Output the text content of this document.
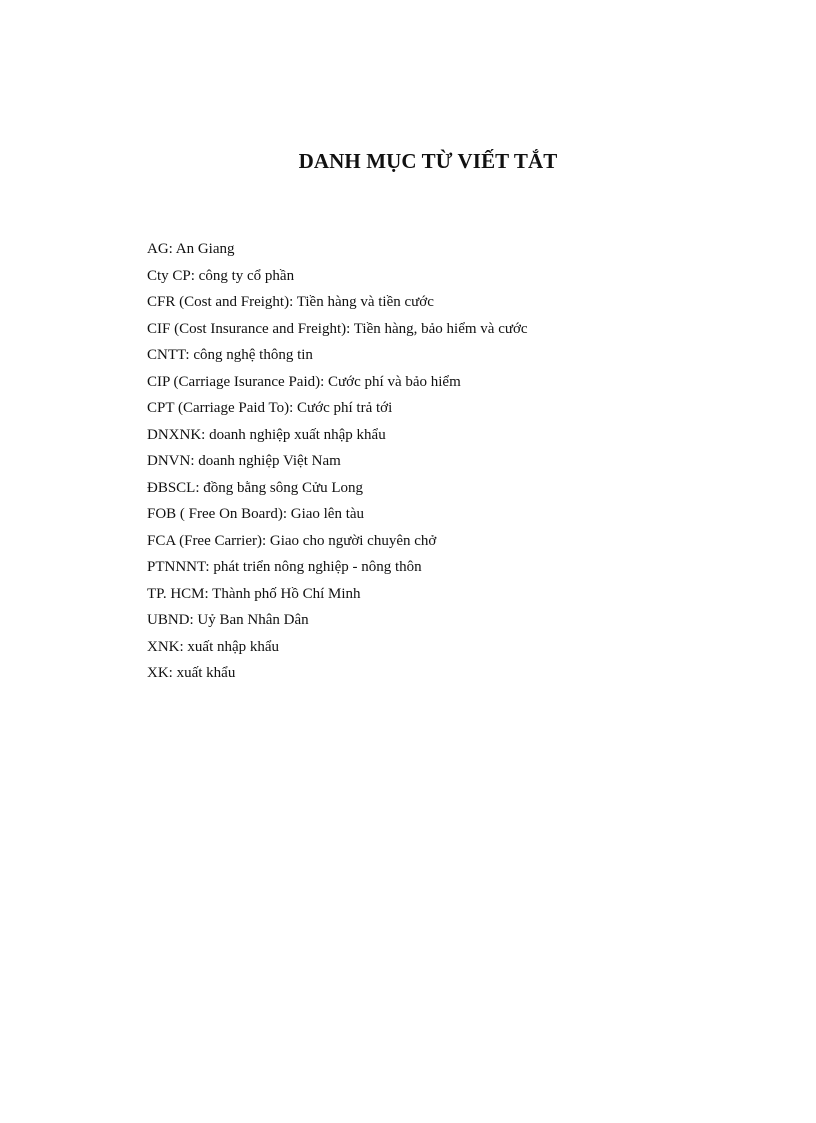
DANH MỤC TỪ VIẾT TẮT
AG: An Giang
Cty CP: công ty cổ phần
CFR (Cost and Freight): Tiền hàng và tiền cước
CIF (Cost Insurance and Freight): Tiền hàng, bảo hiểm và cước
CNTT: công nghệ thông tin
CIP (Carriage Isurance Paid): Cước phí và bảo hiểm
CPT (Carriage Paid To): Cước phí trả tới
DNXNK: doanh nghiệp xuất nhập khẩu
DNVN: doanh nghiệp Việt Nam
ĐBSCL: đồng bằng sông Cửu Long
FOB ( Free On Board): Giao lên tàu
FCA (Free Carrier): Giao cho người chuyên chở
PTNNNT: phát triển nông nghiệp - nông thôn
TP. HCM: Thành phố Hồ Chí Minh
UBND: Uỷ Ban Nhân Dân
XNK: xuất nhập khẩu
XK: xuất khẩu
